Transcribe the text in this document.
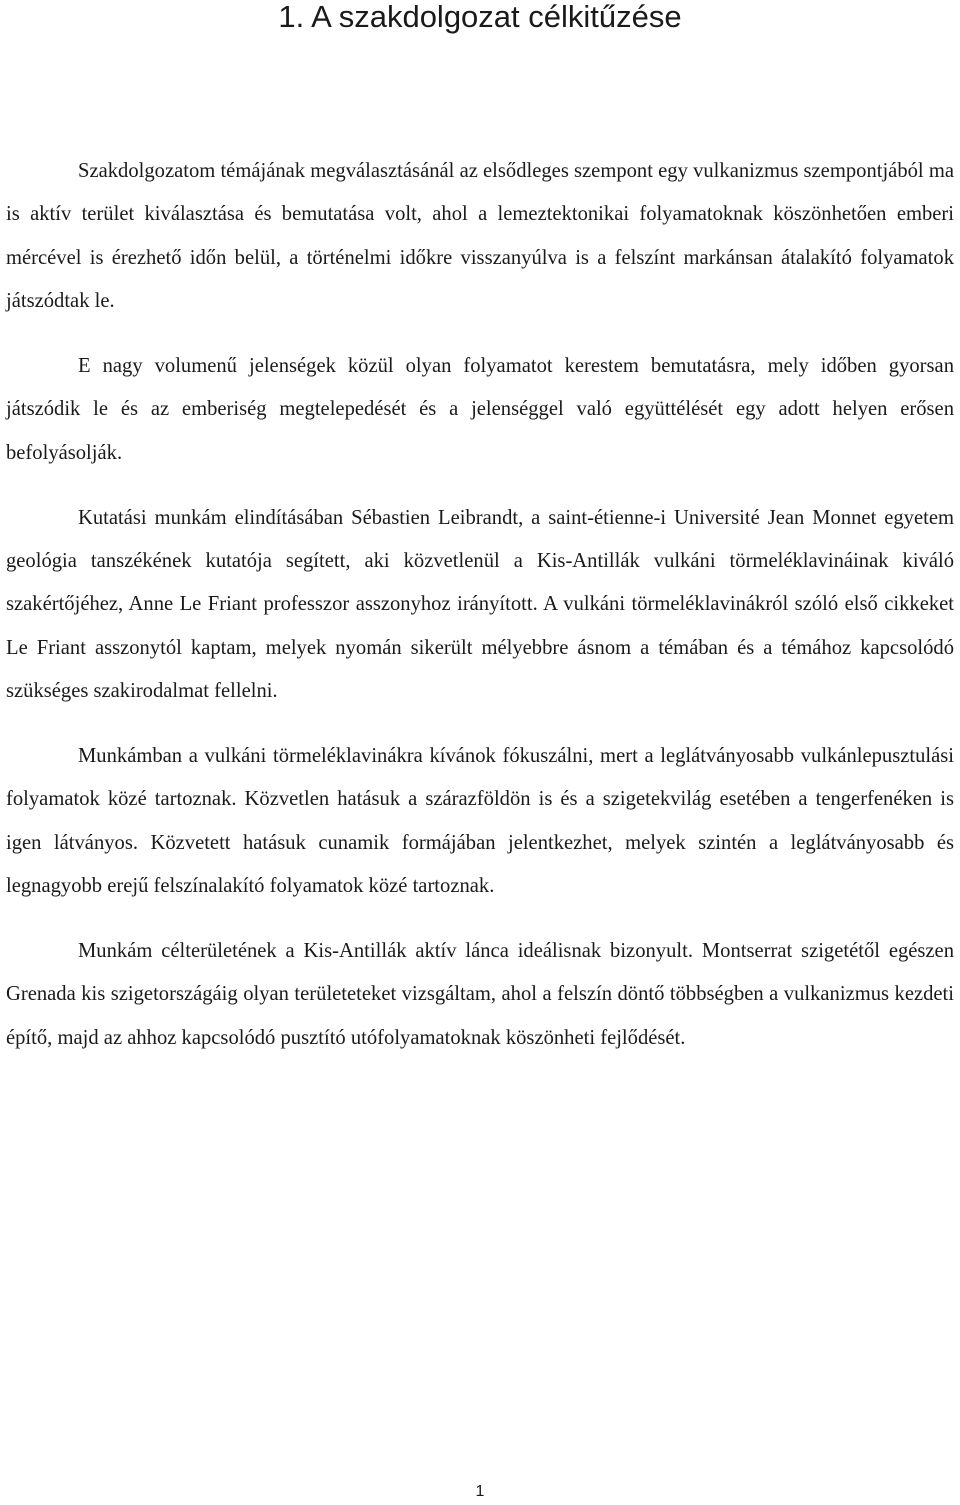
1. A szakdolgozat célkitűzése

Szakdolgozatom témájának megválasztásánál az elsődleges szempont egy vulkanizmus szempontjából ma is aktív terület kiválasztása és bemutatása volt, ahol a lemeztektonikai folyamatoknak köszönhetően emberi mércével is érezhető időn belül, a történelmi időkre visszanyúlva is a felszínt markánsan átalakító folyamatok játszódtak le.

E nagy volumenű jelenségek közül olyan folyamatot kerestem bemutatásra, mely időben gyorsan játszódik le és az emberiség megtelepedését és a jelenséggel való együttélését egy adott helyen erősen befolyásolják.

Kutatási munkám elindításában Sébastien Leibrandt, a saint-étienne-i Université Jean Monnet egyetem geológia tanszékének kutatója segített, aki közvetlenül a Kis-Antillák vulkáni törmeléklavináinak kiváló szakértőjéhez, Anne Le Friant professzor asszonyhoz irányított. A vulkáni törmeléklavinákról szóló első cikkeket Le Friant asszonytól kaptam, melyek nyomán sikerült mélyebbre ásnom a témában és a témához kapcsolódó szükséges szakirodalmat fellelni.

Munkámban a vulkáni törmeléklavinákra kívánok fókuszálni, mert a leglátványosabb vulkánlepusztulási folyamatok közé tartoznak. Közvetlen hatásuk a szárazföldön is és a szigetekvilág esetében a tengerfenéken is igen látványos. Közvetett hatásuk cunamik formájában jelentkezhet, melyek szintén a leglátványosabb és legnagyobb erejű felszínalakító folyamatok közé tartoznak.

Munkám célterületének a Kis-Antillák aktív lánca ideálisnak bizonyult. Montserrat szigetétől egészen Grenada kis szigetországáig olyan területeteket vizsgáltam, ahol a felszín döntő többségben a vulkanizmus kezdeti építő, majd az ahhoz kapcsolódó pusztító utófolyamatoknak köszönheti fejlődését.

1
